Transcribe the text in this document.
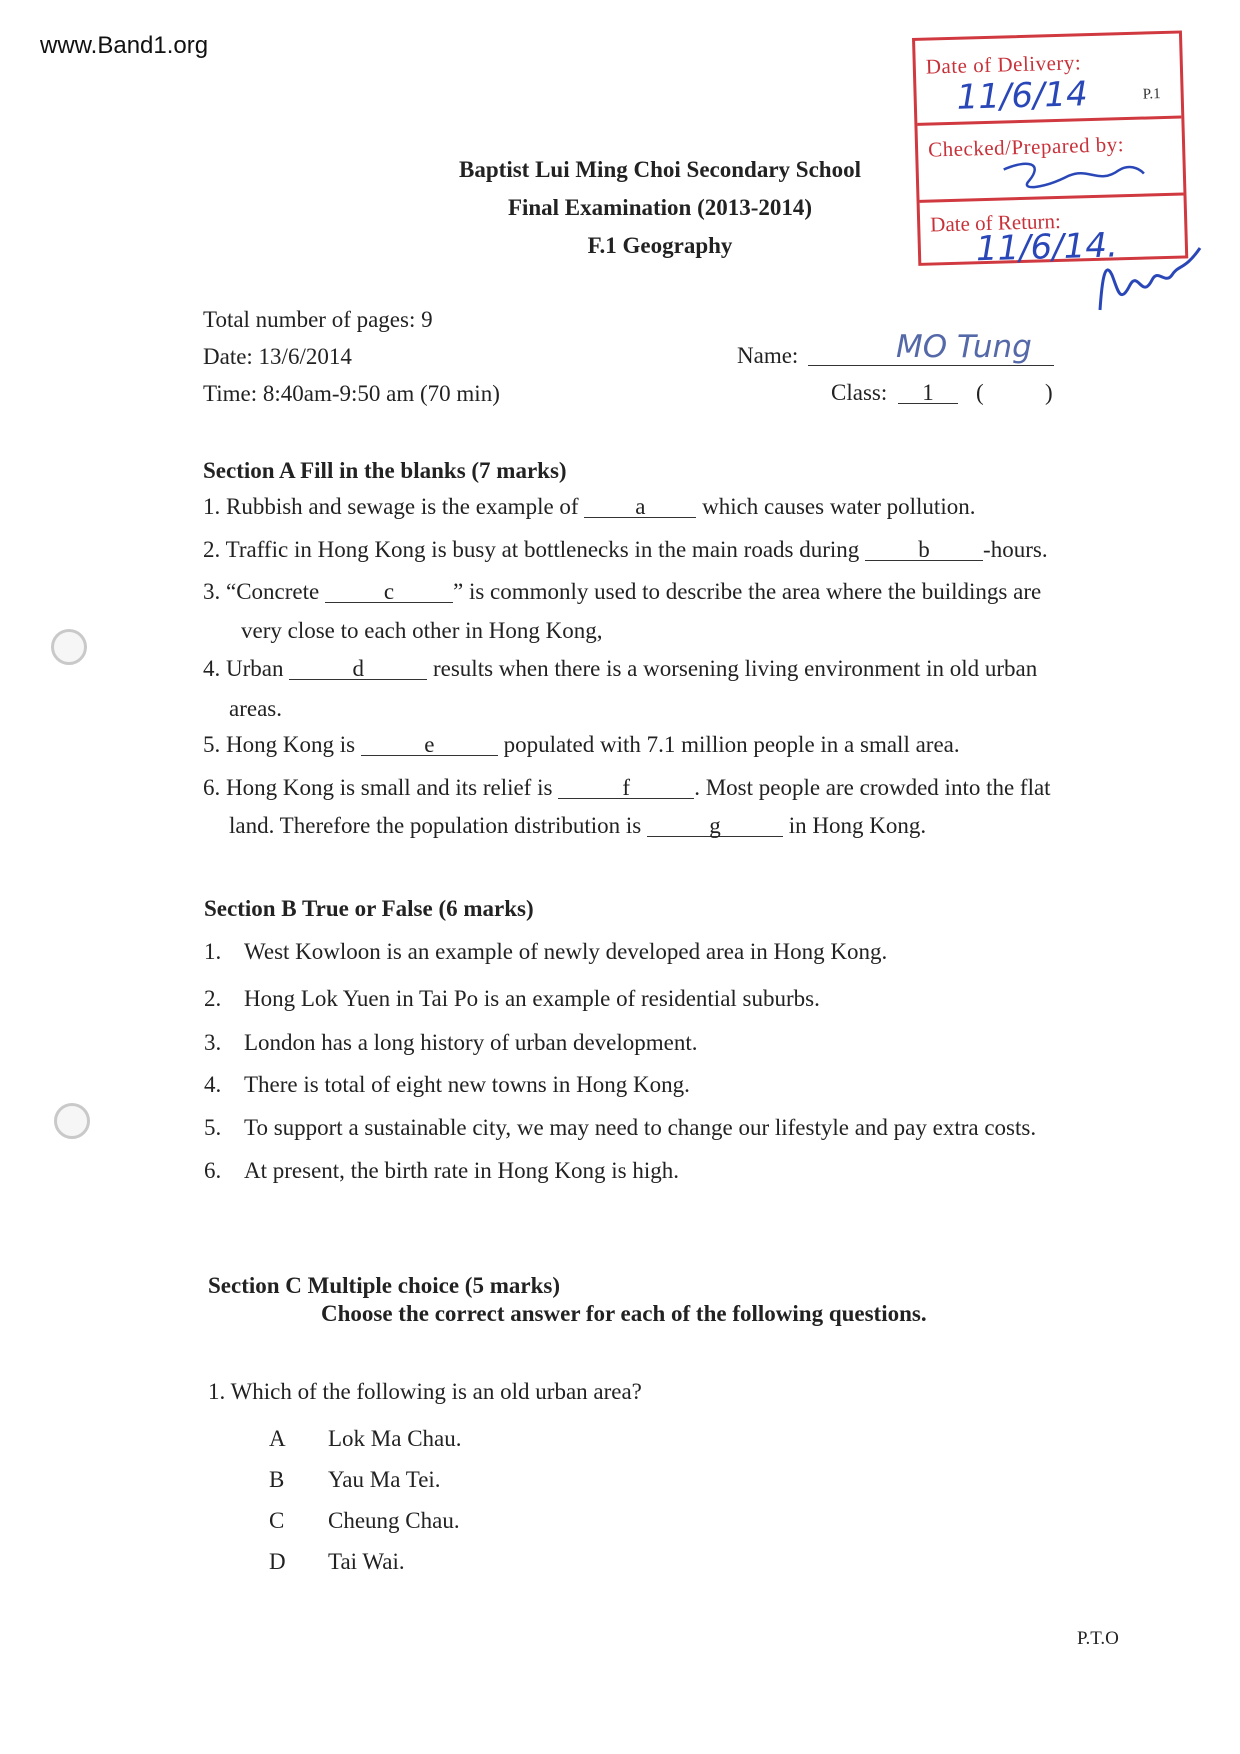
www.Band1.org
Baptist Lui Ming Choi Secondary School
Final Examination (2013-2014)
F.1 Geography
Date of Delivery:
11/6/14	P.1
Checked/Prepared by:
Date of Return:
11/6/14.
Total number of pages: 9
Date: 13/6/2014
Time: 8:40am-9:50 am (70 min)
Name:	MO Tung
Class:	1	(	)
Section A Fill in the blanks (7 marks)
1. Rubbish and sewage is the example of a which causes water pollution.
2. Traffic in Hong Kong is busy at bottlenecks in the main roads during b -hours.
3. “Concrete	c	” is commonly used to describe the area where the buildings are
very close to each other in Hong Kong,
4. Urban	d	results when there is a worsening living environment in old urban
areas.
5. Hong Kong is	e	populated with 7.1 million people in a small area.
6. Hong Kong is small and its relief is	f	. Most people are crowded into the flat
land. Therefore the population distribution is	g	in Hong Kong.
Section B True or False (6 marks)
1. West Kowloon is an example of newly developed area in Hong Kong.
2. Hong Lok Yuen in Tai Po is an example of residential suburbs.
3. London has a long history of urban development.
4. There is total of eight new towns in Hong Kong.
5. To support a sustainable city, we may need to change our lifestyle and pay extra costs.
6. At present, the birth rate in Hong Kong is high.
Section C Multiple choice (5 marks)
Choose the correct answer for each of the following questions.
1. Which of the following is an old urban area?
A Lok Ma Chau.
B Yau Ma Tei.
C Cheung Chau.
D Tai Wai.
P.T.O
